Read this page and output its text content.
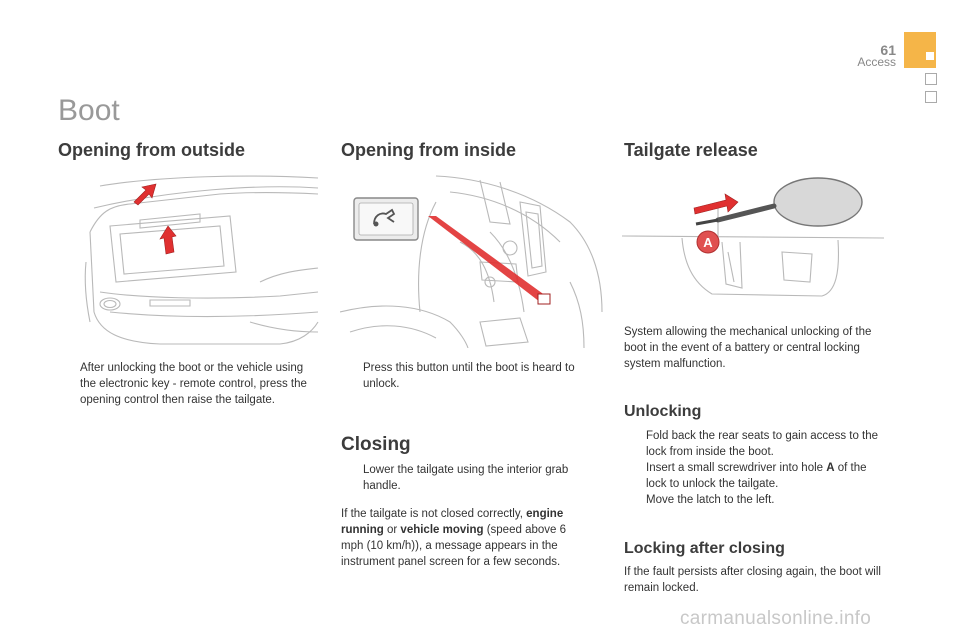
61
Access
Boot
Opening from outside
After unlocking the boot or the vehicle using the electronic key - remote control, press the opening control then raise the tailgate.
Opening from inside
Press this button until the boot is heard to unlock.
Closing
Lower the tailgate using the interior grab handle.

If the tailgate is not closed correctly, engine running or vehicle moving (speed above 6 mph (10 km/h)), a message appears in the instrument panel screen for a few seconds.

Tailgate release
A

System allowing the mechanical unlocking of the boot in the event of a battery or central locking system malfunction.

Unlocking
Fold back the rear seats to gain access to the lock from inside the boot.
Insert a small screwdriver into hole A of the lock to unlock the tailgate.
Move the latch to the left.
Locking after closing

If the fault persists after closing again, the boot will remain locked.

carmanualsonline.info
